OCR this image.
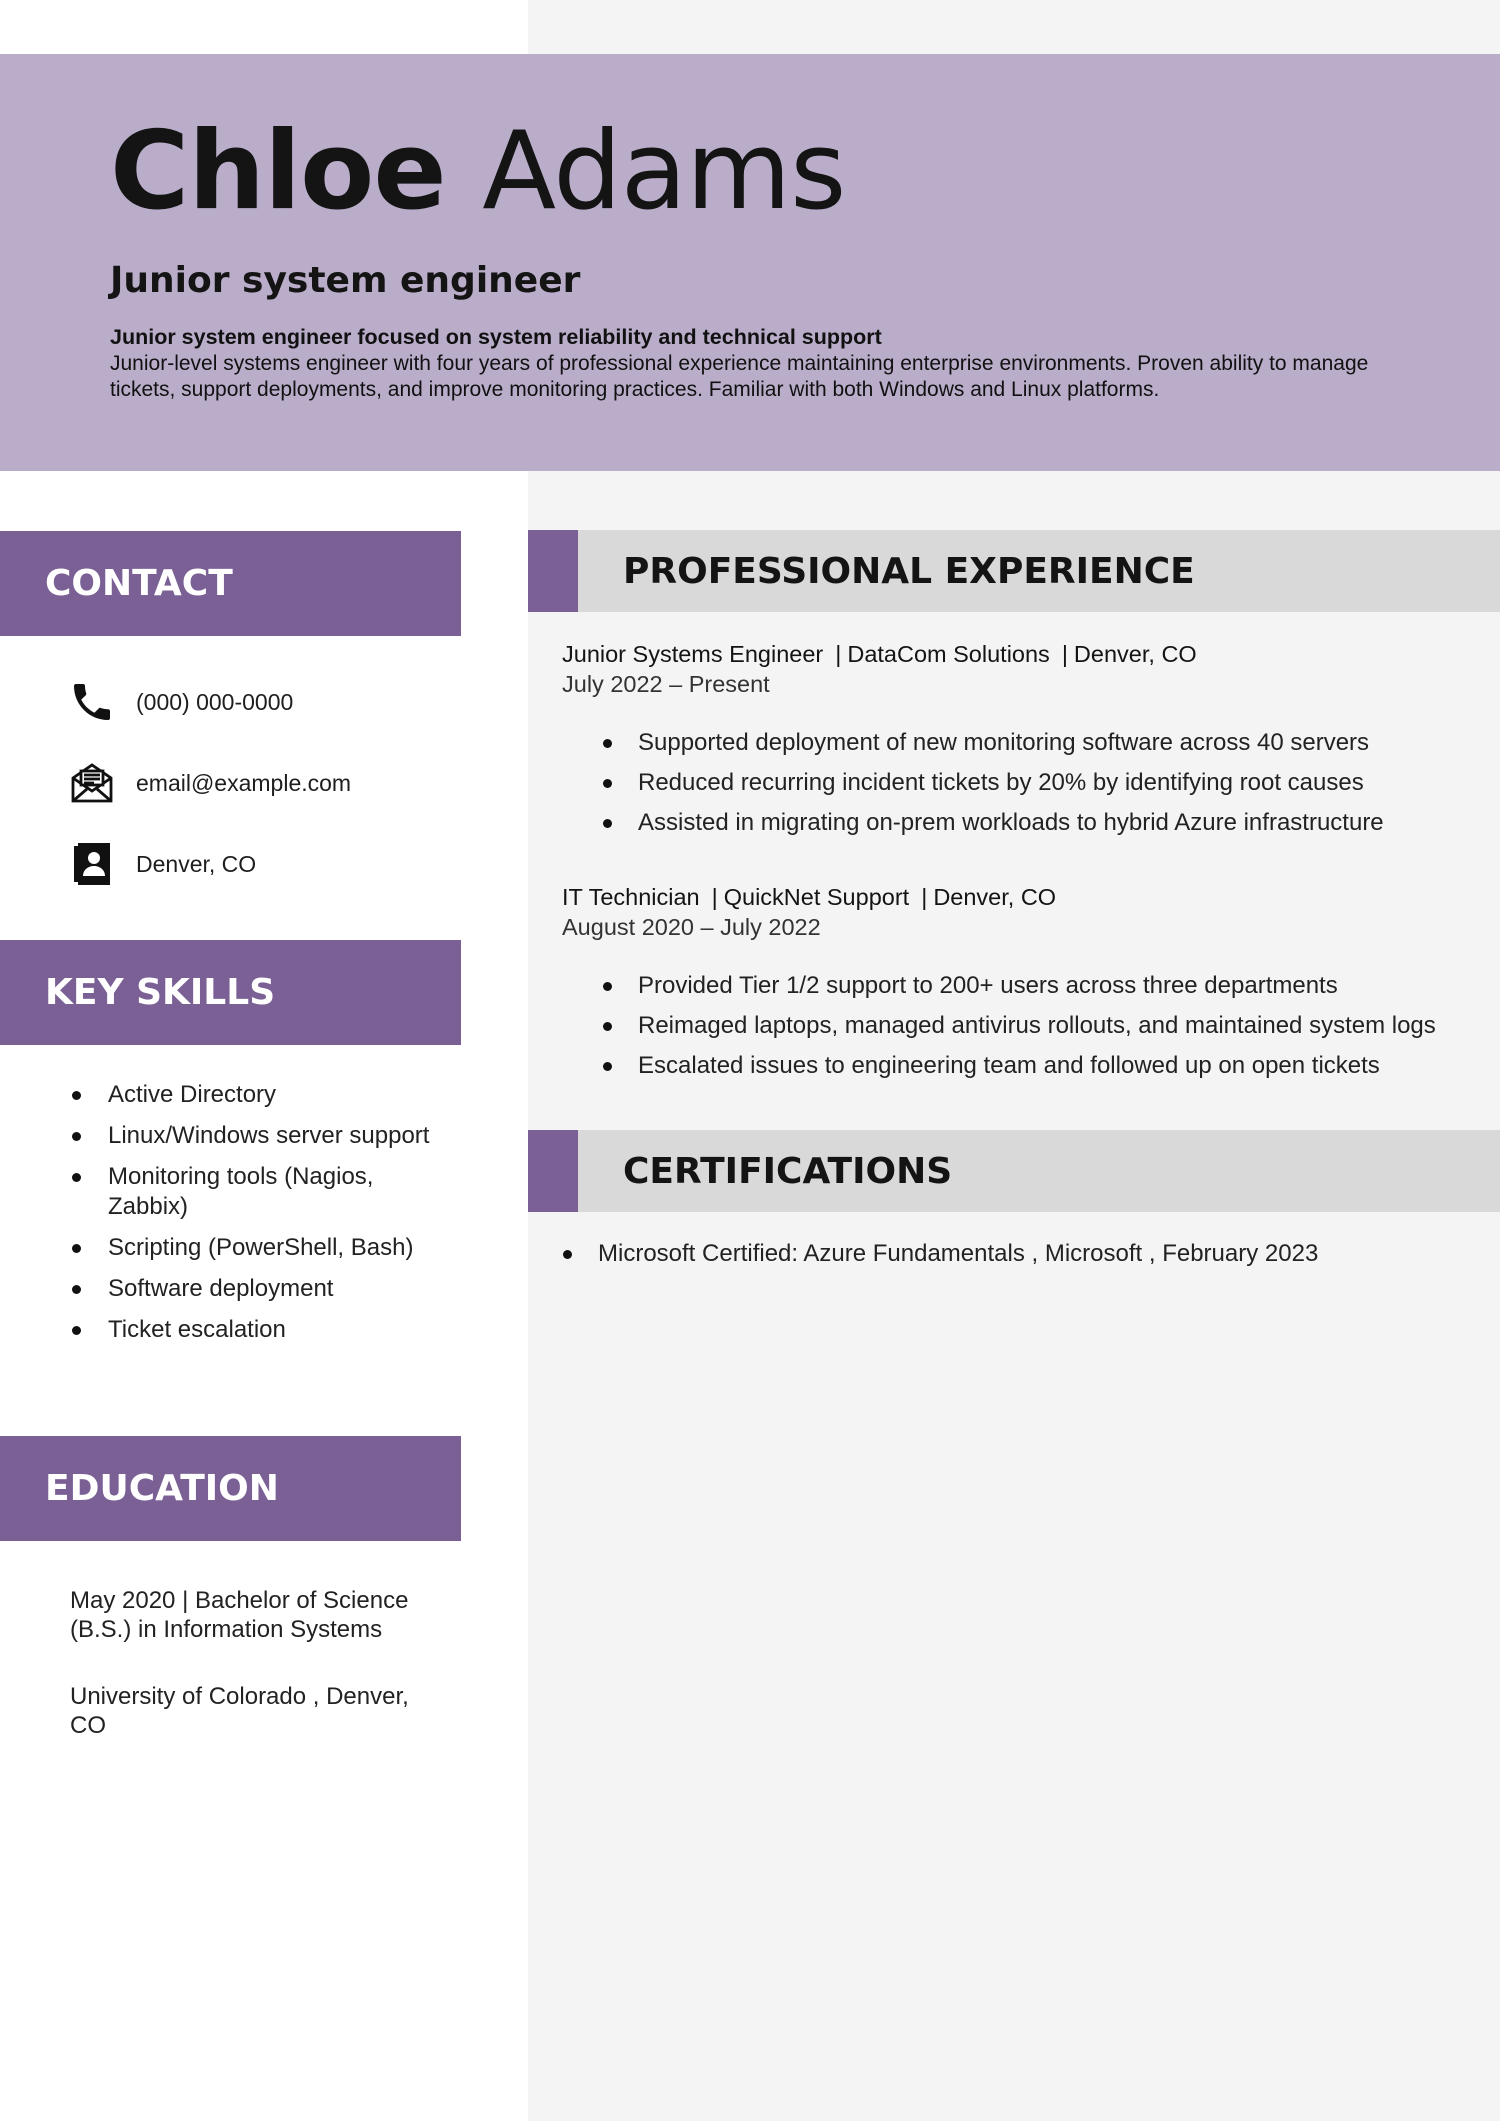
Chloe Adams
Junior system engineer

Junior system engineer focused on system reliability and technical support

Junior-level systems engineer with four years of professional experience maintaining enterprise environments. Proven ability to manage tickets, support deployments, and improve monitoring practices. Familiar with both Windows and Linux platforms.

CONTACT
(000) 000-0000
email@example.com
Denver, CO
KEY SKILLS
Active Directory
Linux/Windows server support
Monitoring tools (Nagios, Zabbix)
Scripting (PowerShell, Bash)
Software deployment
Ticket escalation
EDUCATION

May 2020 | Bachelor of Science (B.S.) in Information Systems

University of Colorado , Denver, CO

PROFESSIONAL EXPERIENCE
Junior Systems Engineer | DataCom Solutions | Denver, CO
July 2022 – Present
Supported deployment of new monitoring software across 40 servers
Reduced recurring incident tickets by 20% by identifying root causes
Assisted in migrating on-prem workloads to hybrid Azure infrastructure
IT Technician | QuickNet Support | Denver, CO
August 2020 – July 2022
Provided Tier 1/2 support to 200+ users across three departments
Reimaged laptops, managed antivirus rollouts, and maintained system logs
Escalated issues to engineering team and followed up on open tickets
CERTIFICATIONS
Microsoft Certified: Azure Fundamentals , Microsoft , February 2023
